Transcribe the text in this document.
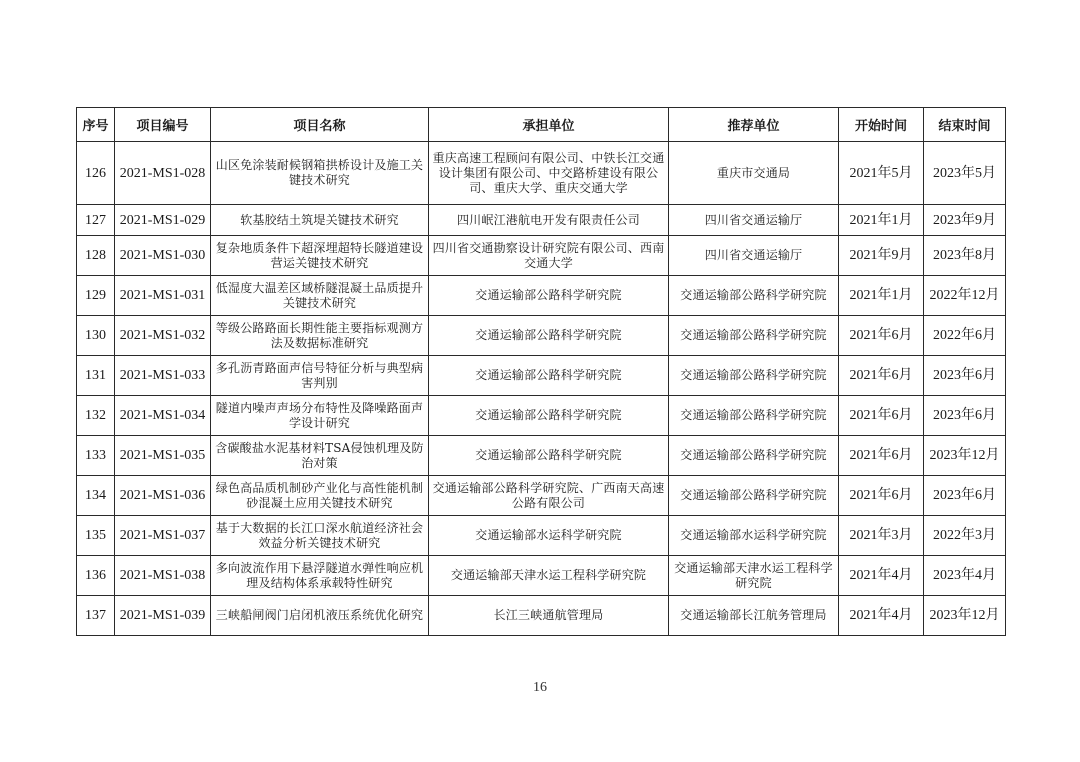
序号	项目编号	项目名称	承担单位	推荐单位	开始时间	结束时间
126	2021-MS1-028	山区免涂装耐候钢箱拱桥设计及施工关键技术研究	重庆高速工程顾问有限公司、中铁长江交通设计集团有限公司、中交路桥建设有限公司、重庆大学、重庆交通大学	重庆市交通局	2021年5月	2023年5月
127	2021-MS1-029	软基胶结土筑堤关键技术研究	四川岷江港航电开发有限责任公司	四川省交通运输厅	2021年1月	2023年9月
128	2021-MS1-030	复杂地质条件下超深埋超特长隧道建设营运关键技术研究	四川省交通勘察设计研究院有限公司、西南交通大学	四川省交通运输厅	2021年9月	2023年8月
129	2021-MS1-031	低湿度大温差区域桥隧混凝土品质提升关键技术研究	交通运输部公路科学研究院	交通运输部公路科学研究院	2021年1月	2022年12月
130	2021-MS1-032	等级公路路面长期性能主要指标观测方法及数据标准研究	交通运输部公路科学研究院	交通运输部公路科学研究院	2021年6月	2022年6月
131	2021-MS1-033	多孔沥青路面声信号特征分析与典型病害判别	交通运输部公路科学研究院	交通运输部公路科学研究院	2021年6月	2023年6月
132	2021-MS1-034	隧道内噪声声场分布特性及降噪路面声学设计研究	交通运输部公路科学研究院	交通运输部公路科学研究院	2021年6月	2023年6月
133	2021-MS1-035	含碳酸盐水泥基材料TSA侵蚀机理及防治对策	交通运输部公路科学研究院	交通运输部公路科学研究院	2021年6月	2023年12月
134	2021-MS1-036	绿色高品质机制砂产业化与高性能机制砂混凝土应用关键技术研究	交通运输部公路科学研究院、广西南天高速公路有限公司	交通运输部公路科学研究院	2021年6月	2023年6月
135	2021-MS1-037	基于大数据的长江口深水航道经济社会效益分析关键技术研究	交通运输部水运科学研究院	交通运输部水运科学研究院	2021年3月	2022年3月
136	2021-MS1-038	多向波流作用下悬浮隧道水弹性响应机理及结构体系承载特性研究	交通运输部天津水运工程科学研究院	交通运输部天津水运工程科学研究院	2021年4月	2023年4月
137	2021-MS1-039	三峡船闸阀门启闭机液压系统优化研究	长江三峡通航管理局	交通运输部长江航务管理局	2021年4月	2023年12月
16
